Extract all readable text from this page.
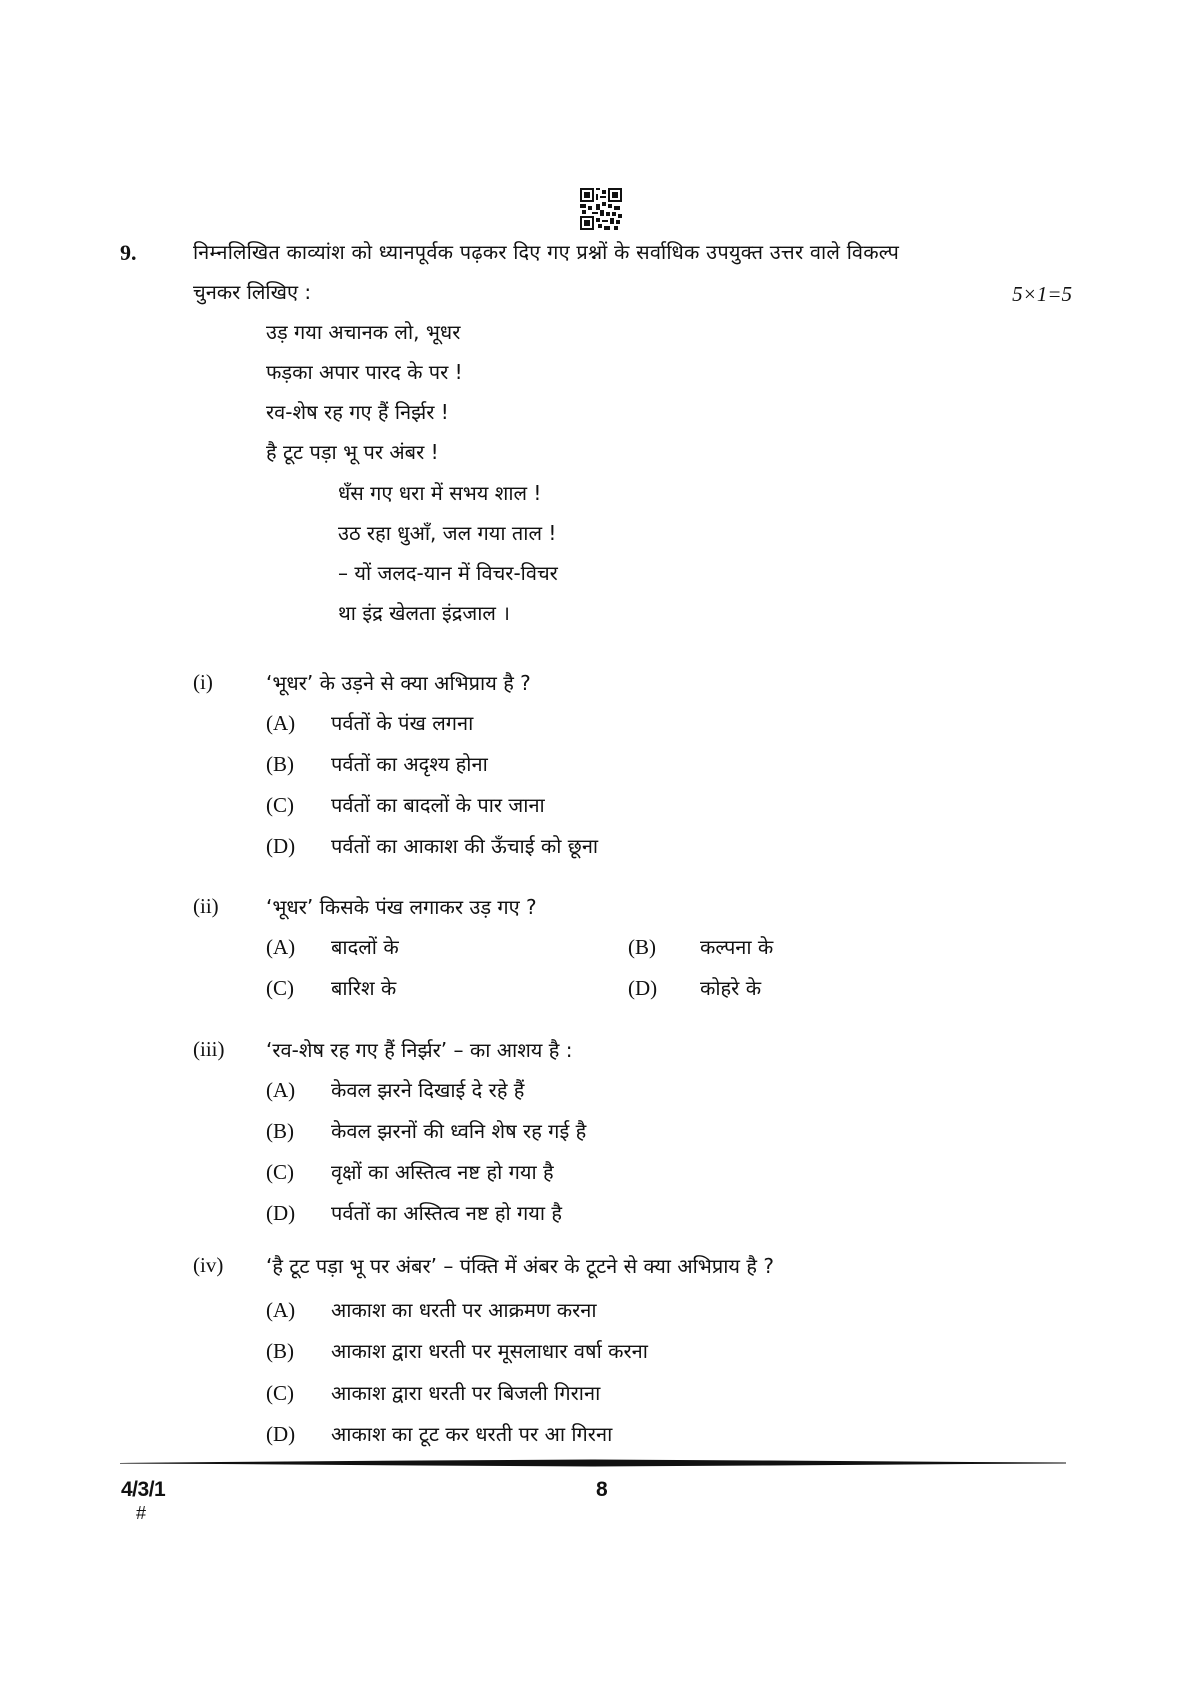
9.	निम्नलिखित काव्यांश को ध्यानपूर्वक पढ़कर दिए गए प्रश्नों के सर्वाधिक उपयुक्त उत्तर वाले विकल्प
चुनकर लिखिए :	5×1=5
उड़ गया अचानक लो, भूधर
फड़का अपार पारद के पर !
रव-शेष रह गए हैं निर्झर !
है टूट पड़ा भू पर अंबर !
धँस गए धरा में सभय शाल !
उठ रहा धुआँ, जल गया ताल !
– यों जलद-यान में विचर-विचर
था इंद्र खेलता इंद्रजाल ।
(i)	‘भूधर’ के उड़ने से क्या अभिप्राय है ?
(A) पर्वतों के पंख लगना
(B) पर्वतों का अदृश्य होना
(C) पर्वतों का बादलों के पार जाना
(D) पर्वतों का आकाश की ऊँचाई को छूना
(ii) ‘भूधर’ किसके पंख लगाकर उड़ गए ?
(A) बादलों के	(B) कल्पना के
(C) बारिश के	(D) कोहरे के
(iii) ‘रव-शेष रह गए हैं निर्झर’ – का आशय है :
(A) केवल झरने दिखाई दे रहे हैं
(B) केवल झरनों की ध्वनि शेष रह गई है
(C) वृक्षों का अस्तित्व नष्ट हो गया है
(D) पर्वतों का अस्तित्व नष्ट हो गया है
(iv) ‘है टूट पड़ा भू पर अंबर’ – पंक्ति में अंबर के टूटने से क्या अभिप्राय है ?
(A) आकाश का धरती पर आक्रमण करना
(B) आकाश द्वारा धरती पर मूसलाधार वर्षा करना
(C) आकाश द्वारा धरती पर बिजली गिराना
(D) आकाश का टूट कर धरती पर आ गिरना
4/3/1
#
8
